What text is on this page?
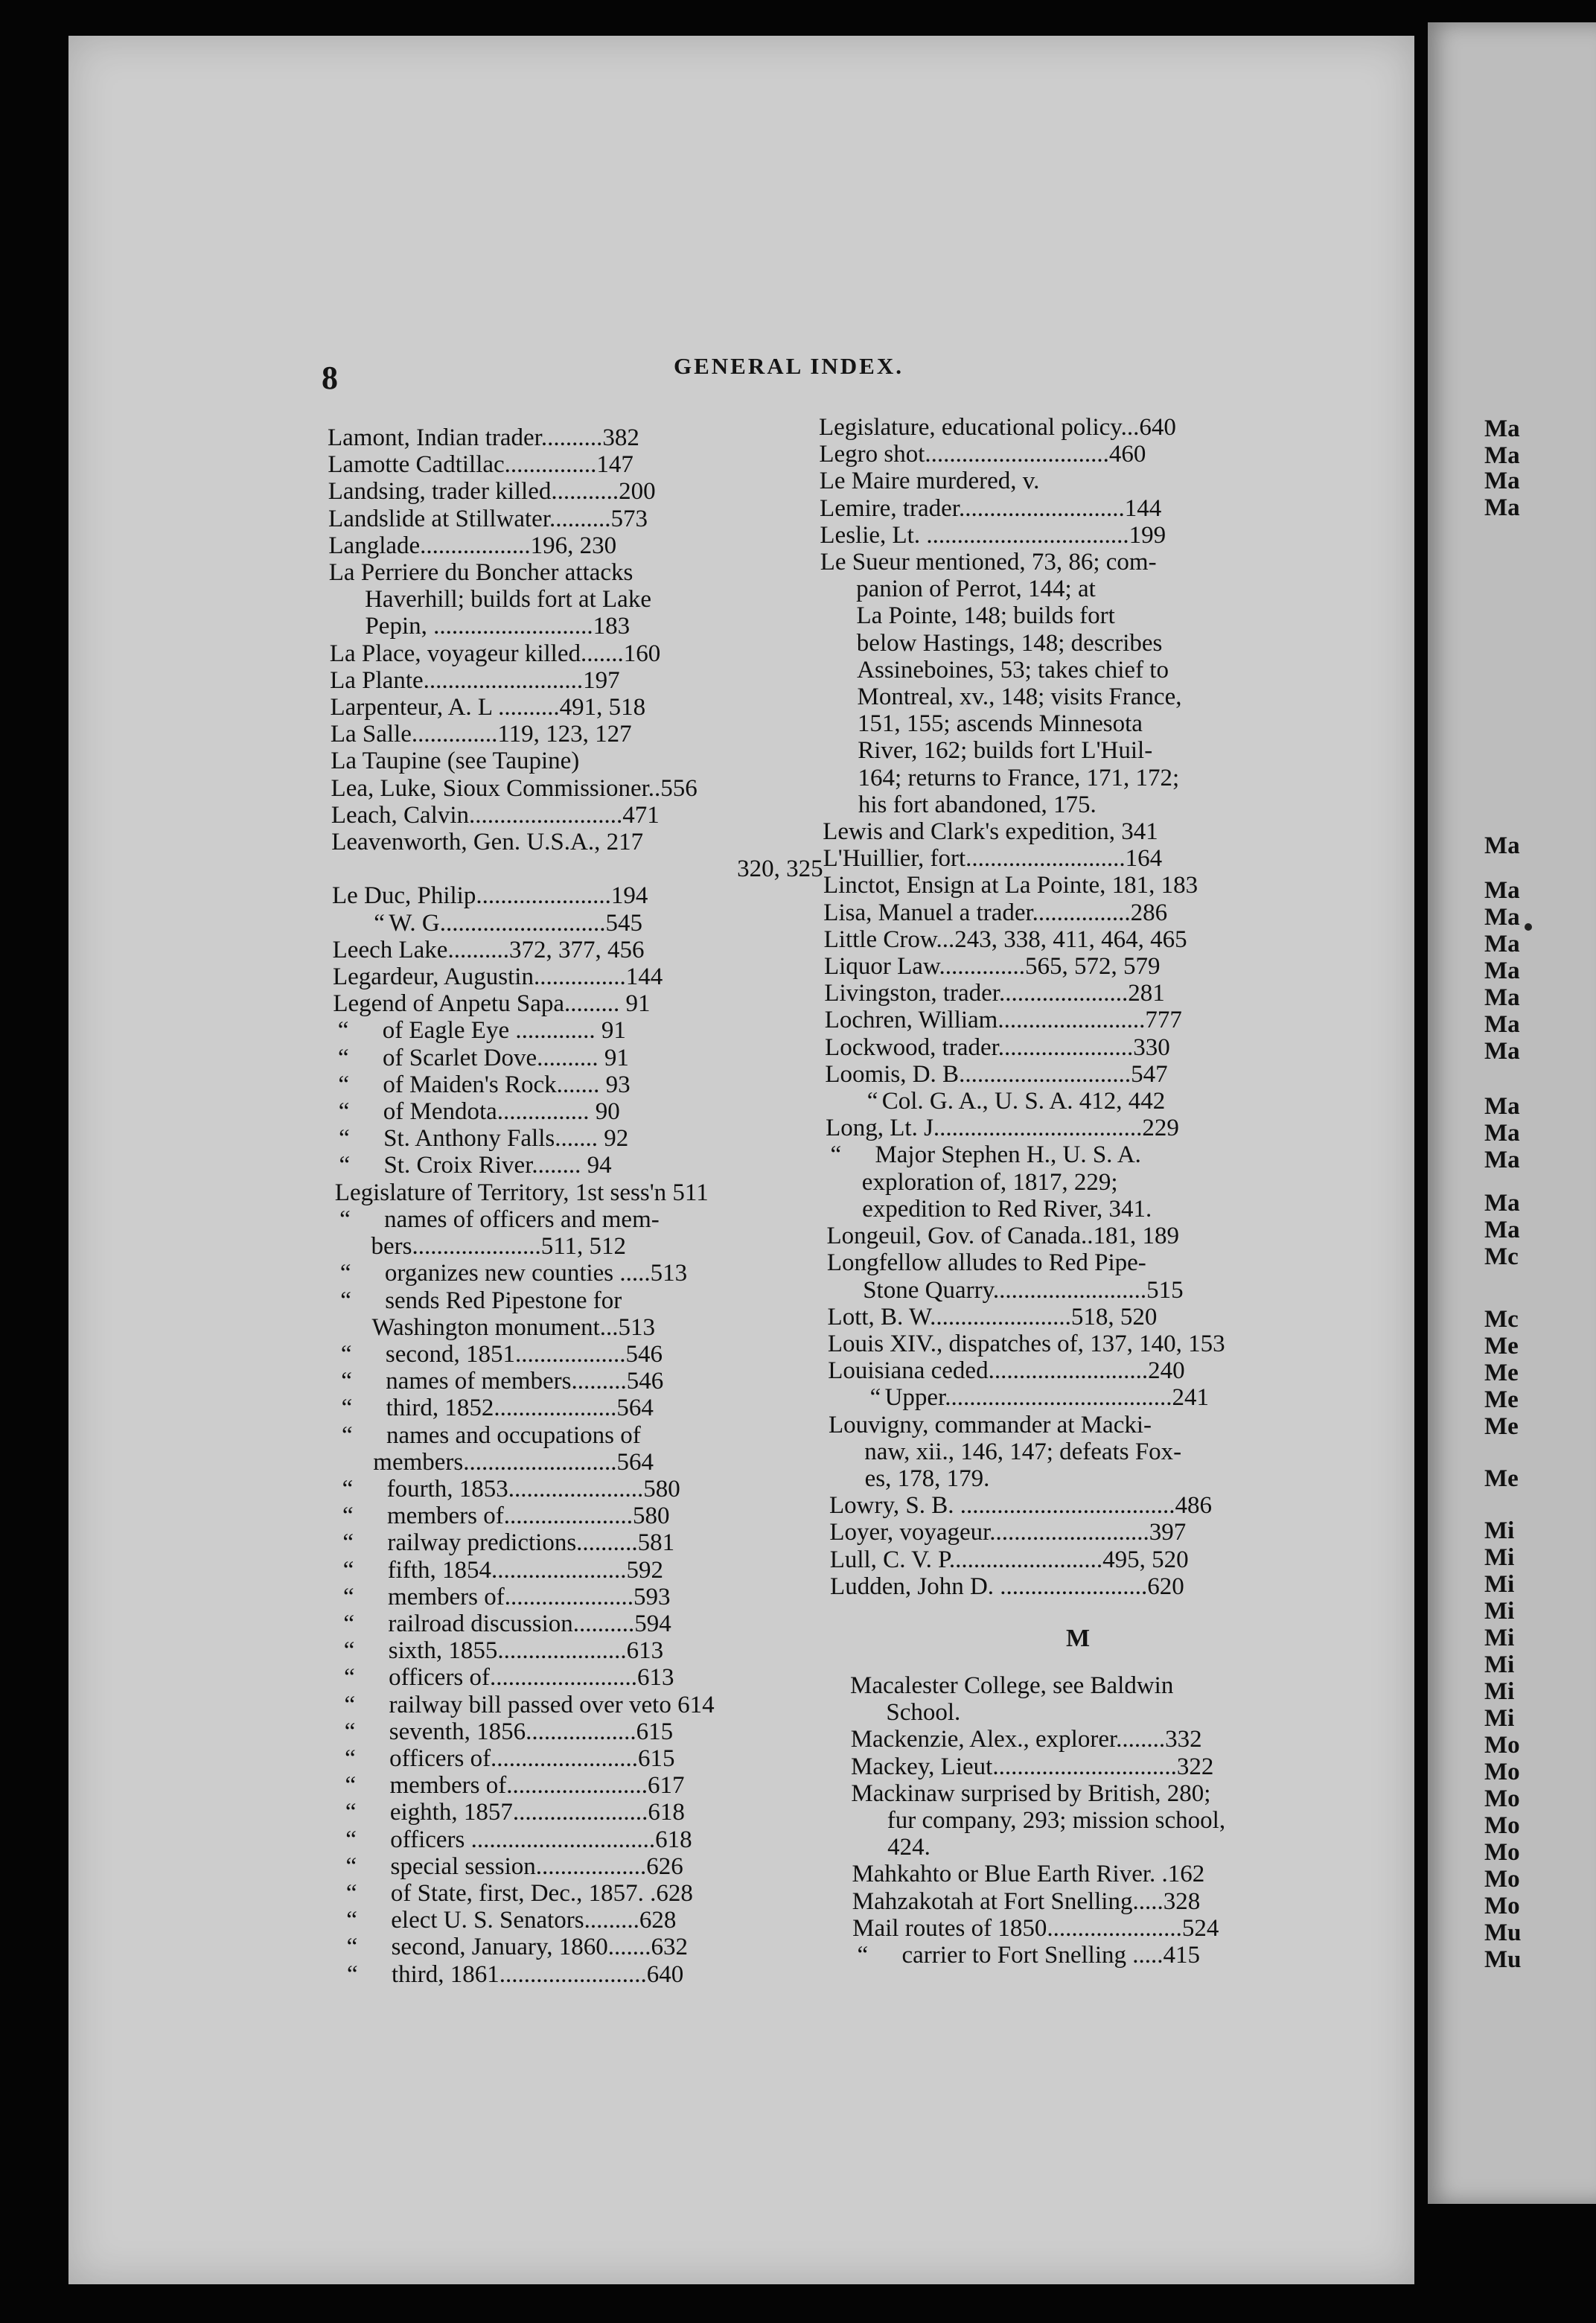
Ma
Ma
Ma
Ma
Ma
Ma
Ma
Ma
Ma
Ma
Ma
Ma
Ma
Ma
Ma
Ma
Ma
Mc
Mc
Me
Me
Me
Me
Me
Mi
Mi
Mi
Mi
Mi
Mi
Mi
Mi
Mo
Mo
Mo
Mo
Mo
Mo
Mo
Mu
Mu
8	GENERAL INDEX.
Lamont, Indian trader..........382
Lamotte Cadtillac...............147
Landsing, trader killed...........200
Landslide at Stillwater..........573
Langlade..................196, 230
La Perriere du Boncher attacks
Haverhill; builds fort at Lake
Pepin, ..........................183
La Place, voyageur killed.......160
La Plante..........................197
Larpenteur, A. L ..........491, 518
La Salle..............119, 123, 127
La Taupine (see Taupine)
Lea, Luke, Sioux Commissioner..556
Leach, Calvin.........................471
Leavenworth, Gen. U.S.A., 217
320, 325
Le Duc, Philip......................194
“ W. G...........................545
Leech Lake..........372, 377, 456
Legardeur, Augustin...............144
Legend of Anpetu Sapa......... 91
“ of Eagle Eye ............. 91
“ of Scarlet Dove.......... 91
“ of Maiden's Rock....... 93
“ of Mendota............... 90
“ St. Anthony Falls....... 92
“ St. Croix River........ 94
Legislature of Territory, 1st sess'n 511
“ names of officers and mem-
bers.....................511, 512
“ organizes new counties .....513
“ sends Red Pipestone for
Washington monument...513
“ second, 1851..................546
“ names of members.........546
“ third, 1852....................564
“ names and occupations of
members.........................564
“ fourth, 1853......................580
“ members of.....................580
“ railway predictions..........581
“ fifth, 1854......................592
“ members of.....................593
“ railroad discussion..........594
“ sixth, 1855.....................613
“ officers of........................613
“ railway bill passed over veto 614
“ seventh, 1856..................615
“ officers of........................615
“ members of.......................617
“ eighth, 1857......................618
“ officers ..............................618
“ special session..................626
“ of State, first, Dec., 1857. .628
“ elect U. S. Senators.........628
“ second, January, 1860.......632
“ third, 1861........................640
Legislature, educational policy...640
Legro shot..............................460
Le Maire murdered, v.
Lemire, trader...........................144
Leslie, Lt. .................................199
Le Sueur mentioned, 73, 86; com-
panion of Perrot, 144; at
La Pointe, 148; builds fort
below Hastings, 148; describes
Assineboines, 53; takes chief to
Montreal, xv., 148; visits France,
151, 155; ascends Minnesota
River, 162; builds fort L'Huil-
164; returns to France, 171, 172;
his fort abandoned, 175.
Lewis and Clark's expedition, 341
L'Huillier, fort..........................164
Linctot, Ensign at La Pointe, 181, 183
Lisa, Manuel a trader................286
Little Crow...243, 338, 411, 464, 465
Liquor Law..............565, 572, 579
Livingston, trader.....................281
Lochren, William........................777
Lockwood, trader......................330
Loomis, D. B............................547
“ Col. G. A., U. S. A. 412, 442
Long, Lt. J..................................229
“ Major Stephen H., U. S. A.
exploration of, 1817, 229;
expedition to Red River, 341.
Longeuil, Gov. of Canada..181, 189
Longfellow alludes to Red Pipe-
Stone Quarry.........................515
Lott, B. W.......................518, 520
Louis XIV., dispatches of, 137, 140, 153
Louisiana ceded..........................240
“ Upper.....................................241
Louvigny, commander at Macki-
naw, xii., 146, 147; defeats Fox-
es, 178, 179.
Lowry, S. B. ...................................486
Loyer, voyageur..........................397
Lull, C. V. P.........................495, 520
Ludden, John D. ........................620
M
Macalester College, see Baldwin
School.
Mackenzie, Alex., explorer........332
Mackey, Lieut..............................322
Mackinaw surprised by British, 280;
fur company, 293; mission school,
424.
Mahkahto or Blue Earth River. .162
Mahzakotah at Fort Snelling.....328
Mail routes of 1850......................524
“ carrier to Fort Snelling .....415
